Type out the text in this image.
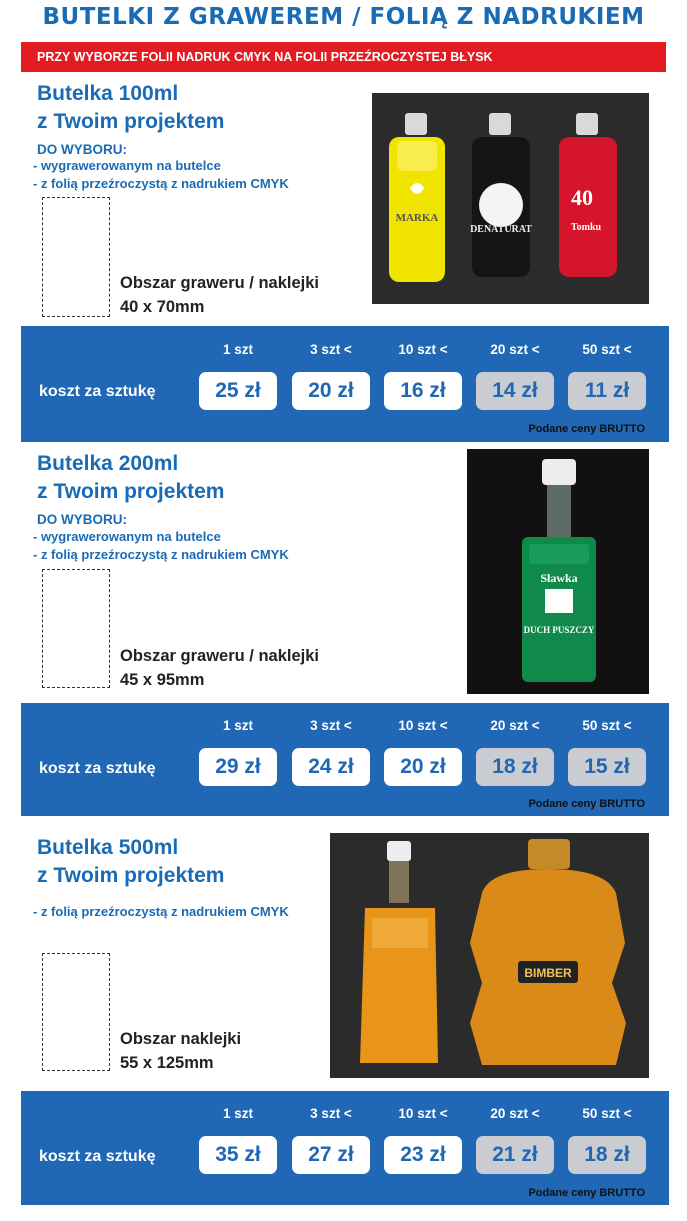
BUTELKI Z GRAWEREM / FOLIĄ Z NADRUKIEM
PRZY WYBORZE FOLII NADRUK CMYK NA FOLII PRZEŹROCZYSTEJ BŁYSK
Butelka 100ml
z Twoim projektem
DO WYBORU:
- wygrawerowanym na butelce
- z folią przeźroczystą z nadrukiem CMYK
Obszar graweru / naklejki
40 x 70mm
MARKA
DENATURAT
40
Tomku
1 szt	3 szt <	10 szt <	20 szt <	50 szt <
koszt za sztukę	25 zł	20 zł	16 zł	14 zł	11 zł
Podane ceny BRUTTO
Butelka 200ml
z Twoim projektem
DO WYBORU:
- wygrawerowanym na butelce
- z folią przeźroczystą z nadrukiem CMYK
Obszar graweru / naklejki
45 x 95mm
Sławka
DUCH PUSZCZY
1 szt	3 szt <	10 szt <	20 szt <	50 szt <
koszt za sztukę	29 zł	24 zł	20 zł	18 zł	15 zł
Podane ceny BRUTTO
Butelka 500ml
z Twoim projektem
- z folią przeźroczystą z nadrukiem CMYK
Obszar naklejki
55 x 125mm
BIMBER
1 szt	3 szt <	10 szt <	20 szt <	50 szt <
koszt za sztukę	35 zł	27 zł	23 zł	21 zł	18 zł
Podane ceny BRUTTO
